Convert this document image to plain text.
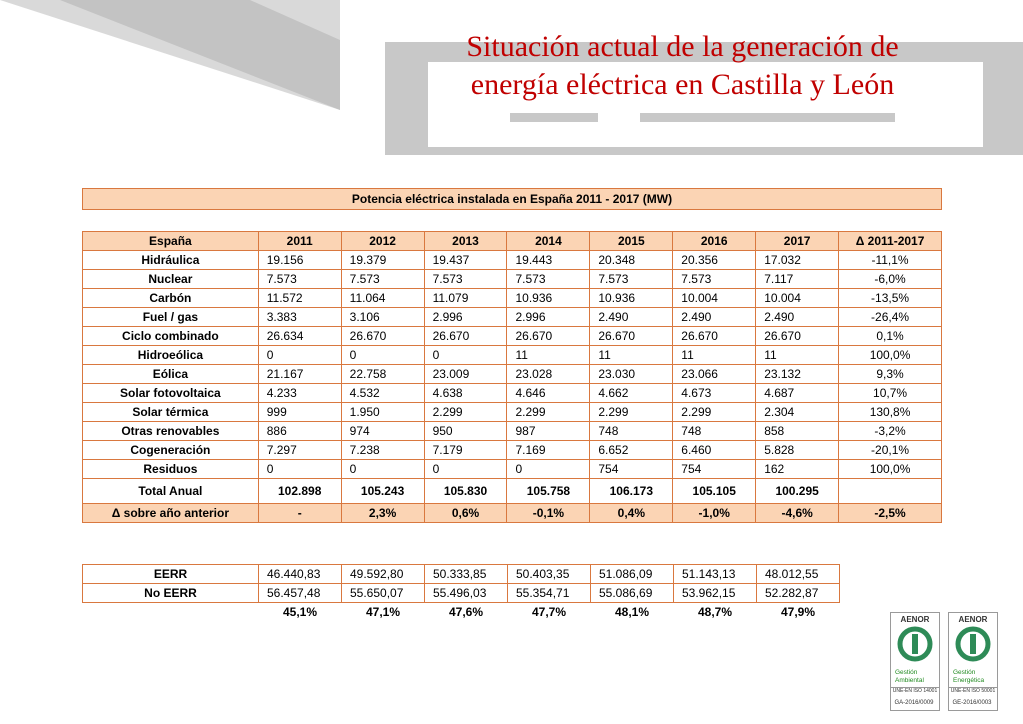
Situación actual de la generación de
energía eléctrica en Castilla y León
Potencia eléctrica instalada en España 2011 - 2017 (MW)
España	2011	2012	2013	2014	2015	2016	2017	Δ 2011-2017
Hidráulica	19.156	19.379	19.437	19.443	20.348	20.356	17.032	-11,1%
Nuclear	7.573	7.573	7.573	7.573	7.573	7.573	7.117	-6,0%
Carbón	11.572	11.064	11.079	10.936	10.936	10.004	10.004	-13,5%
Fuel / gas	3.383	3.106	2.996	2.996	2.490	2.490	2.490	-26,4%
Ciclo combinado	26.634	26.670	26.670	26.670	26.670	26.670	26.670	0,1%
Hidroeólica	0	0	0	11	11	11	11	100,0%
Eólica	21.167	22.758	23.009	23.028	23.030	23.066	23.132	9,3%
Solar fotovoltaica	4.233	4.532	4.638	4.646	4.662	4.673	4.687	10,7%
Solar térmica	999	1.950	2.299	2.299	2.299	2.299	2.304	130,8%
Otras renovables	886	974	950	987	748	748	858	-3,2%
Cogeneración	7.297	7.238	7.179	7.169	6.652	6.460	5.828	-20,1%
Residuos	0	0	0	0	754	754	162	100,0%
Total Anual	102.898	105.243	105.830	105.758	106.173	105.105	100.295	
Δ sobre año anterior	-	2,3%	0,6%	-0,1%	0,4%	-1,0%	-4,6%	-2,5%
EERR	46.440,83	49.592,80	50.333,85	50.403,35	51.086,09	51.143,13	48.012,55
No EERR	56.457,48	55.650,07	55.496,03	55.354,71	55.086,69	53.962,15	52.282,87
	45,1%	47,1%	47,6%	47,7%	48,1%	48,7%	47,9%
AENOR
Gestión
Ambiental
UNE-EN ISO 14001
GA-2016/0009
AENOR
Gestión
Energética
UNE-EN ISO 50001
GE-2016/0003
